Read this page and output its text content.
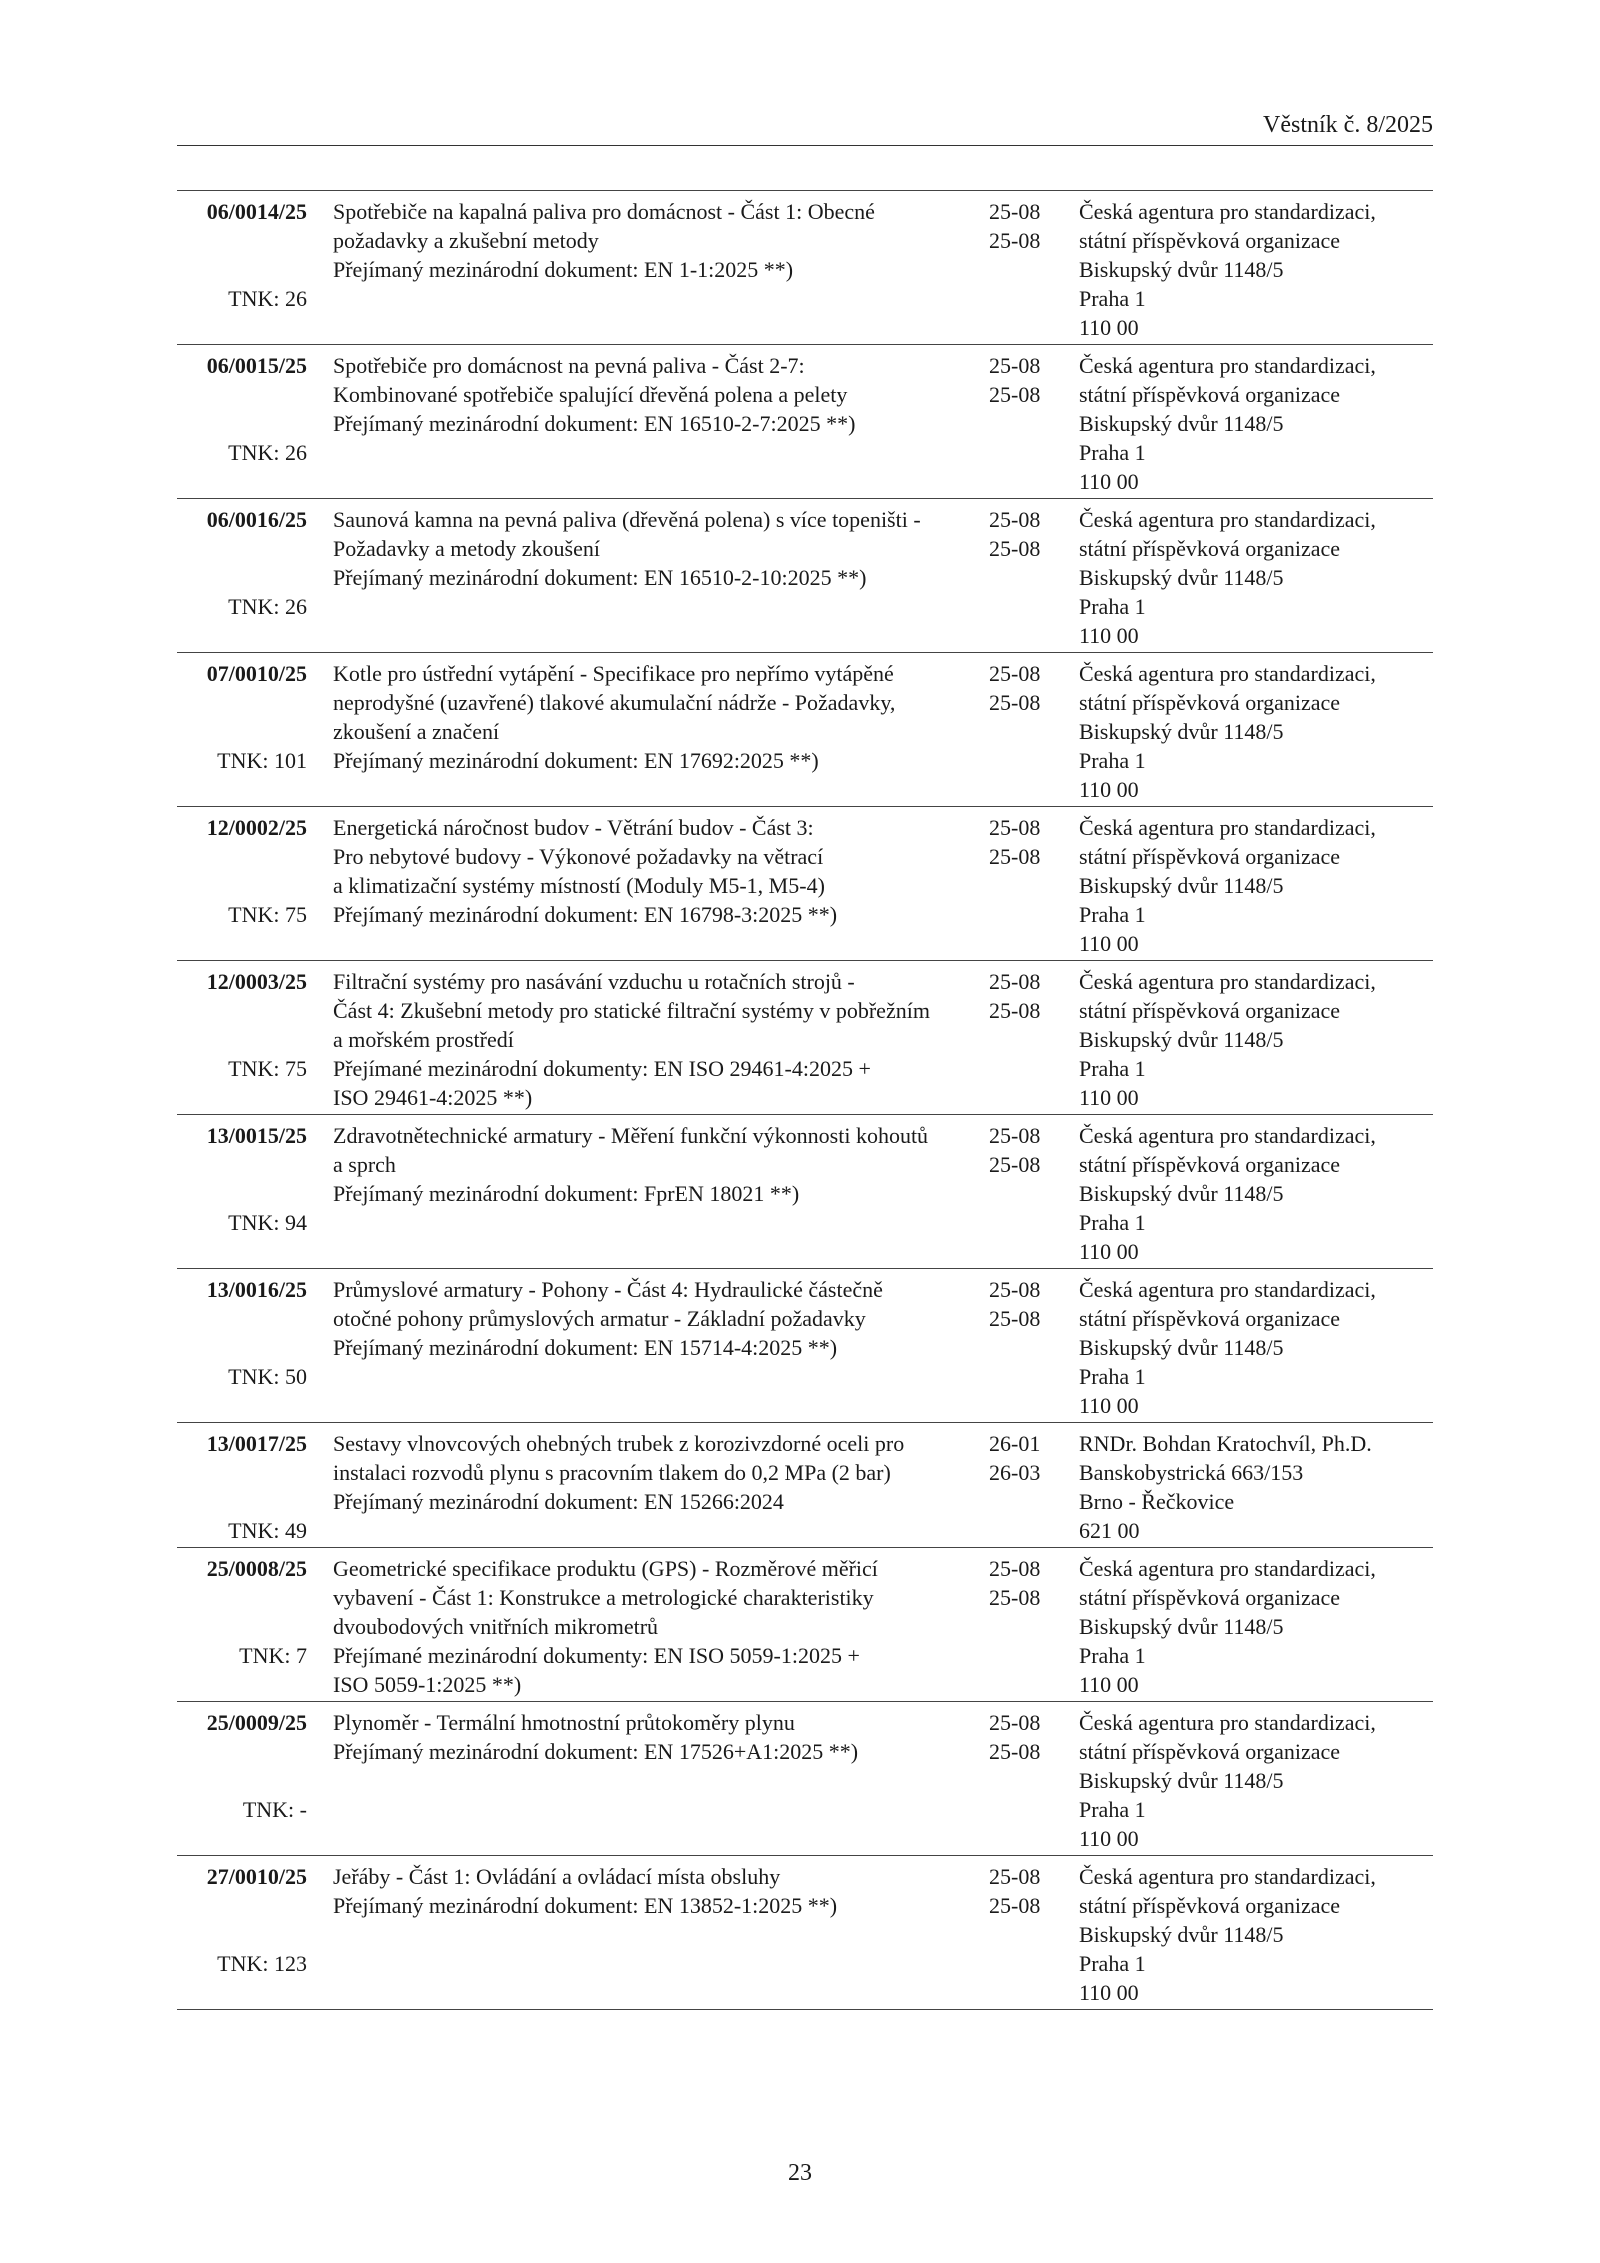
Věstník č. 8/2025
06/0014/25
TNK: 26
Spotřebiče na kapalná paliva pro domácnost - Část 1: Obecné
požadavky a zkušební metody
Přejímaný mezinárodní dokument: EN 1-1:2025 **)
25-08
25-08
Česká agentura pro standardizaci,
státní příspěvková organizace
Biskupský dvůr 1148/5
Praha 1
110 00
06/0015/25
TNK: 26
Spotřebiče pro domácnost na pevná paliva - Část 2-7:
Kombinované spotřebiče spalující dřevěná polena a pelety
Přejímaný mezinárodní dokument: EN 16510-2-7:2025 **)
25-08
25-08
Česká agentura pro standardizaci,
státní příspěvková organizace
Biskupský dvůr 1148/5
Praha 1
110 00
06/0016/25
TNK: 26
Saunová kamna na pevná paliva (dřevěná polena) s více topeništi -
Požadavky a metody zkoušení
Přejímaný mezinárodní dokument: EN 16510-2-10:2025 **)
25-08
25-08
Česká agentura pro standardizaci,
státní příspěvková organizace
Biskupský dvůr 1148/5
Praha 1
110 00
07/0010/25
TNK: 101
Kotle pro ústřední vytápění - Specifikace pro nepřímo vytápěné
neprodyšné (uzavřené) tlakové akumulační nádrže - Požadavky,
zkoušení a značení
Přejímaný mezinárodní dokument: EN 17692:2025 **)
25-08
25-08
Česká agentura pro standardizaci,
státní příspěvková organizace
Biskupský dvůr 1148/5
Praha 1
110 00
12/0002/25
TNK: 75
Energetická náročnost budov - Větrání budov - Část 3:
Pro nebytové budovy - Výkonové požadavky na větrací
a klimatizační systémy místností (Moduly M5-1, M5-4)
Přejímaný mezinárodní dokument: EN 16798-3:2025 **)
25-08
25-08
Česká agentura pro standardizaci,
státní příspěvková organizace
Biskupský dvůr 1148/5
Praha 1
110 00
12/0003/25
TNK: 75
Filtrační systémy pro nasávání vzduchu u rotačních strojů -
Část 4: Zkušební metody pro statické filtrační systémy v pobřežním
a mořském prostředí
Přejímané mezinárodní dokumenty: EN ISO 29461-4:2025 +
ISO 29461-4:2025 **)
25-08
25-08
Česká agentura pro standardizaci,
státní příspěvková organizace
Biskupský dvůr 1148/5
Praha 1
110 00
13/0015/25
TNK: 94
Zdravotnětechnické armatury - Měření funkční výkonnosti kohoutů
a sprch
Přejímaný mezinárodní dokument: FprEN 18021 **)
25-08
25-08
Česká agentura pro standardizaci,
státní příspěvková organizace
Biskupský dvůr 1148/5
Praha 1
110 00
13/0016/25
TNK: 50
Průmyslové armatury - Pohony - Část 4: Hydraulické částečně
otočné pohony průmyslových armatur - Základní požadavky
Přejímaný mezinárodní dokument: EN 15714-4:2025 **)
25-08
25-08
Česká agentura pro standardizaci,
státní příspěvková organizace
Biskupský dvůr 1148/5
Praha 1
110 00
13/0017/25
TNK: 49
Sestavy vlnovcových ohebných trubek z korozivzdorné oceli pro
instalaci rozvodů plynu s pracovním tlakem do 0,2 MPa (2 bar)
Přejímaný mezinárodní dokument: EN 15266:2024
26-01
26-03
RNDr. Bohdan Kratochvíl, Ph.D.
Banskobystrická 663/153
Brno - Řečkovice
621 00
25/0008/25
TNK: 7
Geometrické specifikace produktu (GPS) - Rozměrové měřicí
vybavení - Část 1: Konstrukce a metrologické charakteristiky
dvoubodových vnitřních mikrometrů
Přejímané mezinárodní dokumenty: EN ISO 5059-1:2025 +
ISO 5059-1:2025 **)
25-08
25-08
Česká agentura pro standardizaci,
státní příspěvková organizace
Biskupský dvůr 1148/5
Praha 1
110 00
25/0009/25
TNK: -
Plynoměr - Termální hmotnostní průtokoměry plynu
Přejímaný mezinárodní dokument: EN 17526+A1:2025 **)
25-08
25-08
Česká agentura pro standardizaci,
státní příspěvková organizace
Biskupský dvůr 1148/5
Praha 1
110 00
27/0010/25
TNK: 123
Jeřáby - Část 1: Ovládání a ovládací místa obsluhy
Přejímaný mezinárodní dokument: EN 13852-1:2025 **)
25-08
25-08
Česká agentura pro standardizaci,
státní příspěvková organizace
Biskupský dvůr 1148/5
Praha 1
110 00
23
